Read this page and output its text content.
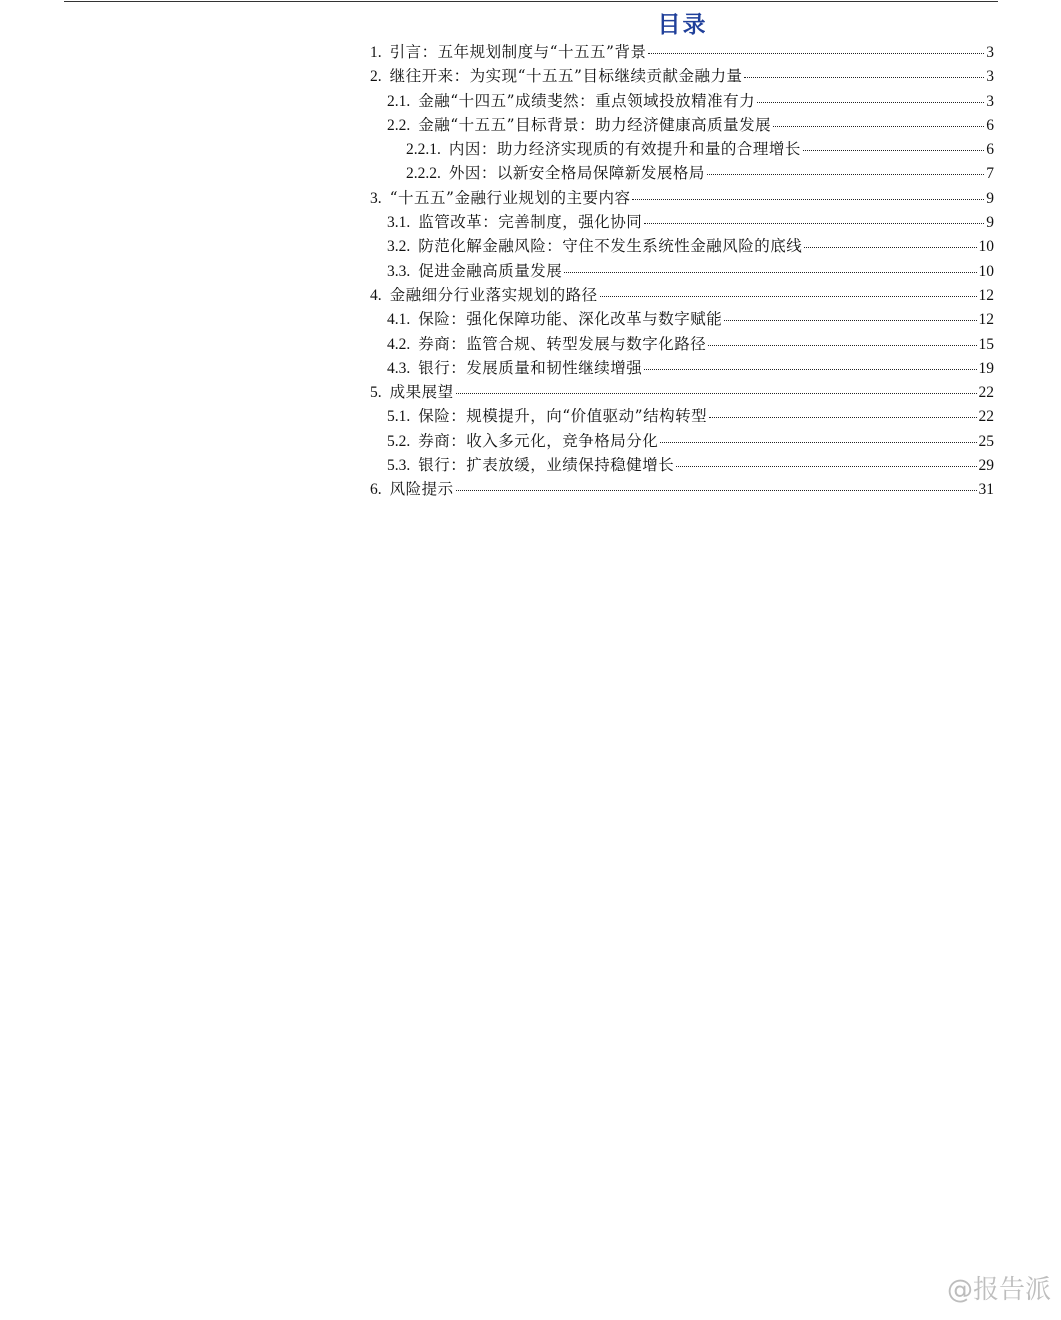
目录
1. 引言：五年规划制度与“十五五”背景	3
2. 继往开来：为实现“十五五”目标继续贡献金融力量	3
2.1. 金融“十四五”成绩斐然：重点领域投放精准有力	3
2.2. 金融“十五五”目标背景：助力经济健康高质量发展	6
2.2.1. 内因：助力经济实现质的有效提升和量的合理增长	6
2.2.2. 外因：以新安全格局保障新发展格局	7
3. “十五五”金融行业规划的主要内容	9
3.1. 监管改革：完善制度，强化协同	9
3.2. 防范化解金融风险：守住不发生系统性金融风险的底线	10
3.3. 促进金融高质量发展	10
4. 金融细分行业落实规划的路径	12
4.1. 保险：强化保障功能、深化改革与数字赋能	12
4.2. 券商：监管合规、转型发展与数字化路径	15
4.3. 银行：发展质量和韧性继续增强	19
5. 成果展望	22
5.1. 保险：规模提升，向“价值驱动”结构转型	22
5.2. 券商：收入多元化，竞争格局分化	25
5.3. 银行：扩表放缓，业绩保持稳健增长	29
6. 风险提示	31
@报告派
